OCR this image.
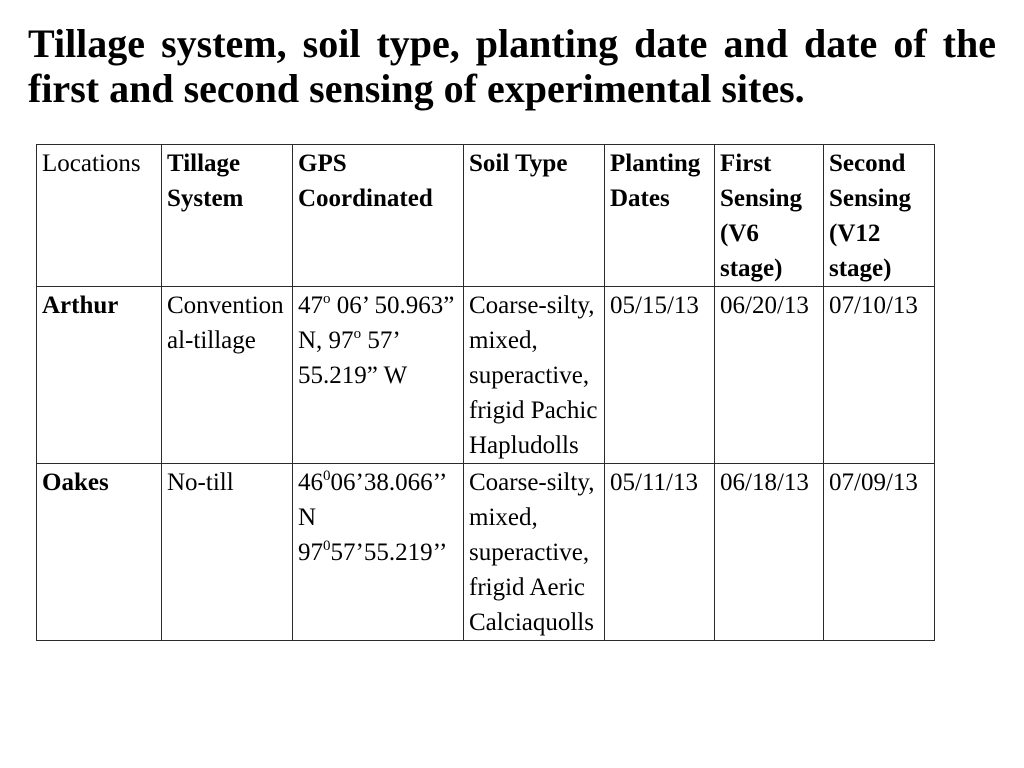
Tillage system, soil type, planting date and date of the first and second sensing of experimental sites.
Locations	Tillage System	GPS Coordinated	Soil Type	Planting Dates	First Sensing (V6 stage)	Second Sensing (V12 stage)
Arthur	Conventional-tillage	47$^o$ 06’ 50.963” N, 97$^o$ 57’ 55.219” W	Coarse-silty, mixed, superactive, frigid Pachic Hapludolls	05/15/13	06/20/13	07/10/13
Oakes	No-till	$46^006’38.066$’’ N $97^057’55.219$’’	Coarse-silty, mixed, superactive, frigid Aeric Calciaquolls	05/11/13	06/18/13	07/09/13
